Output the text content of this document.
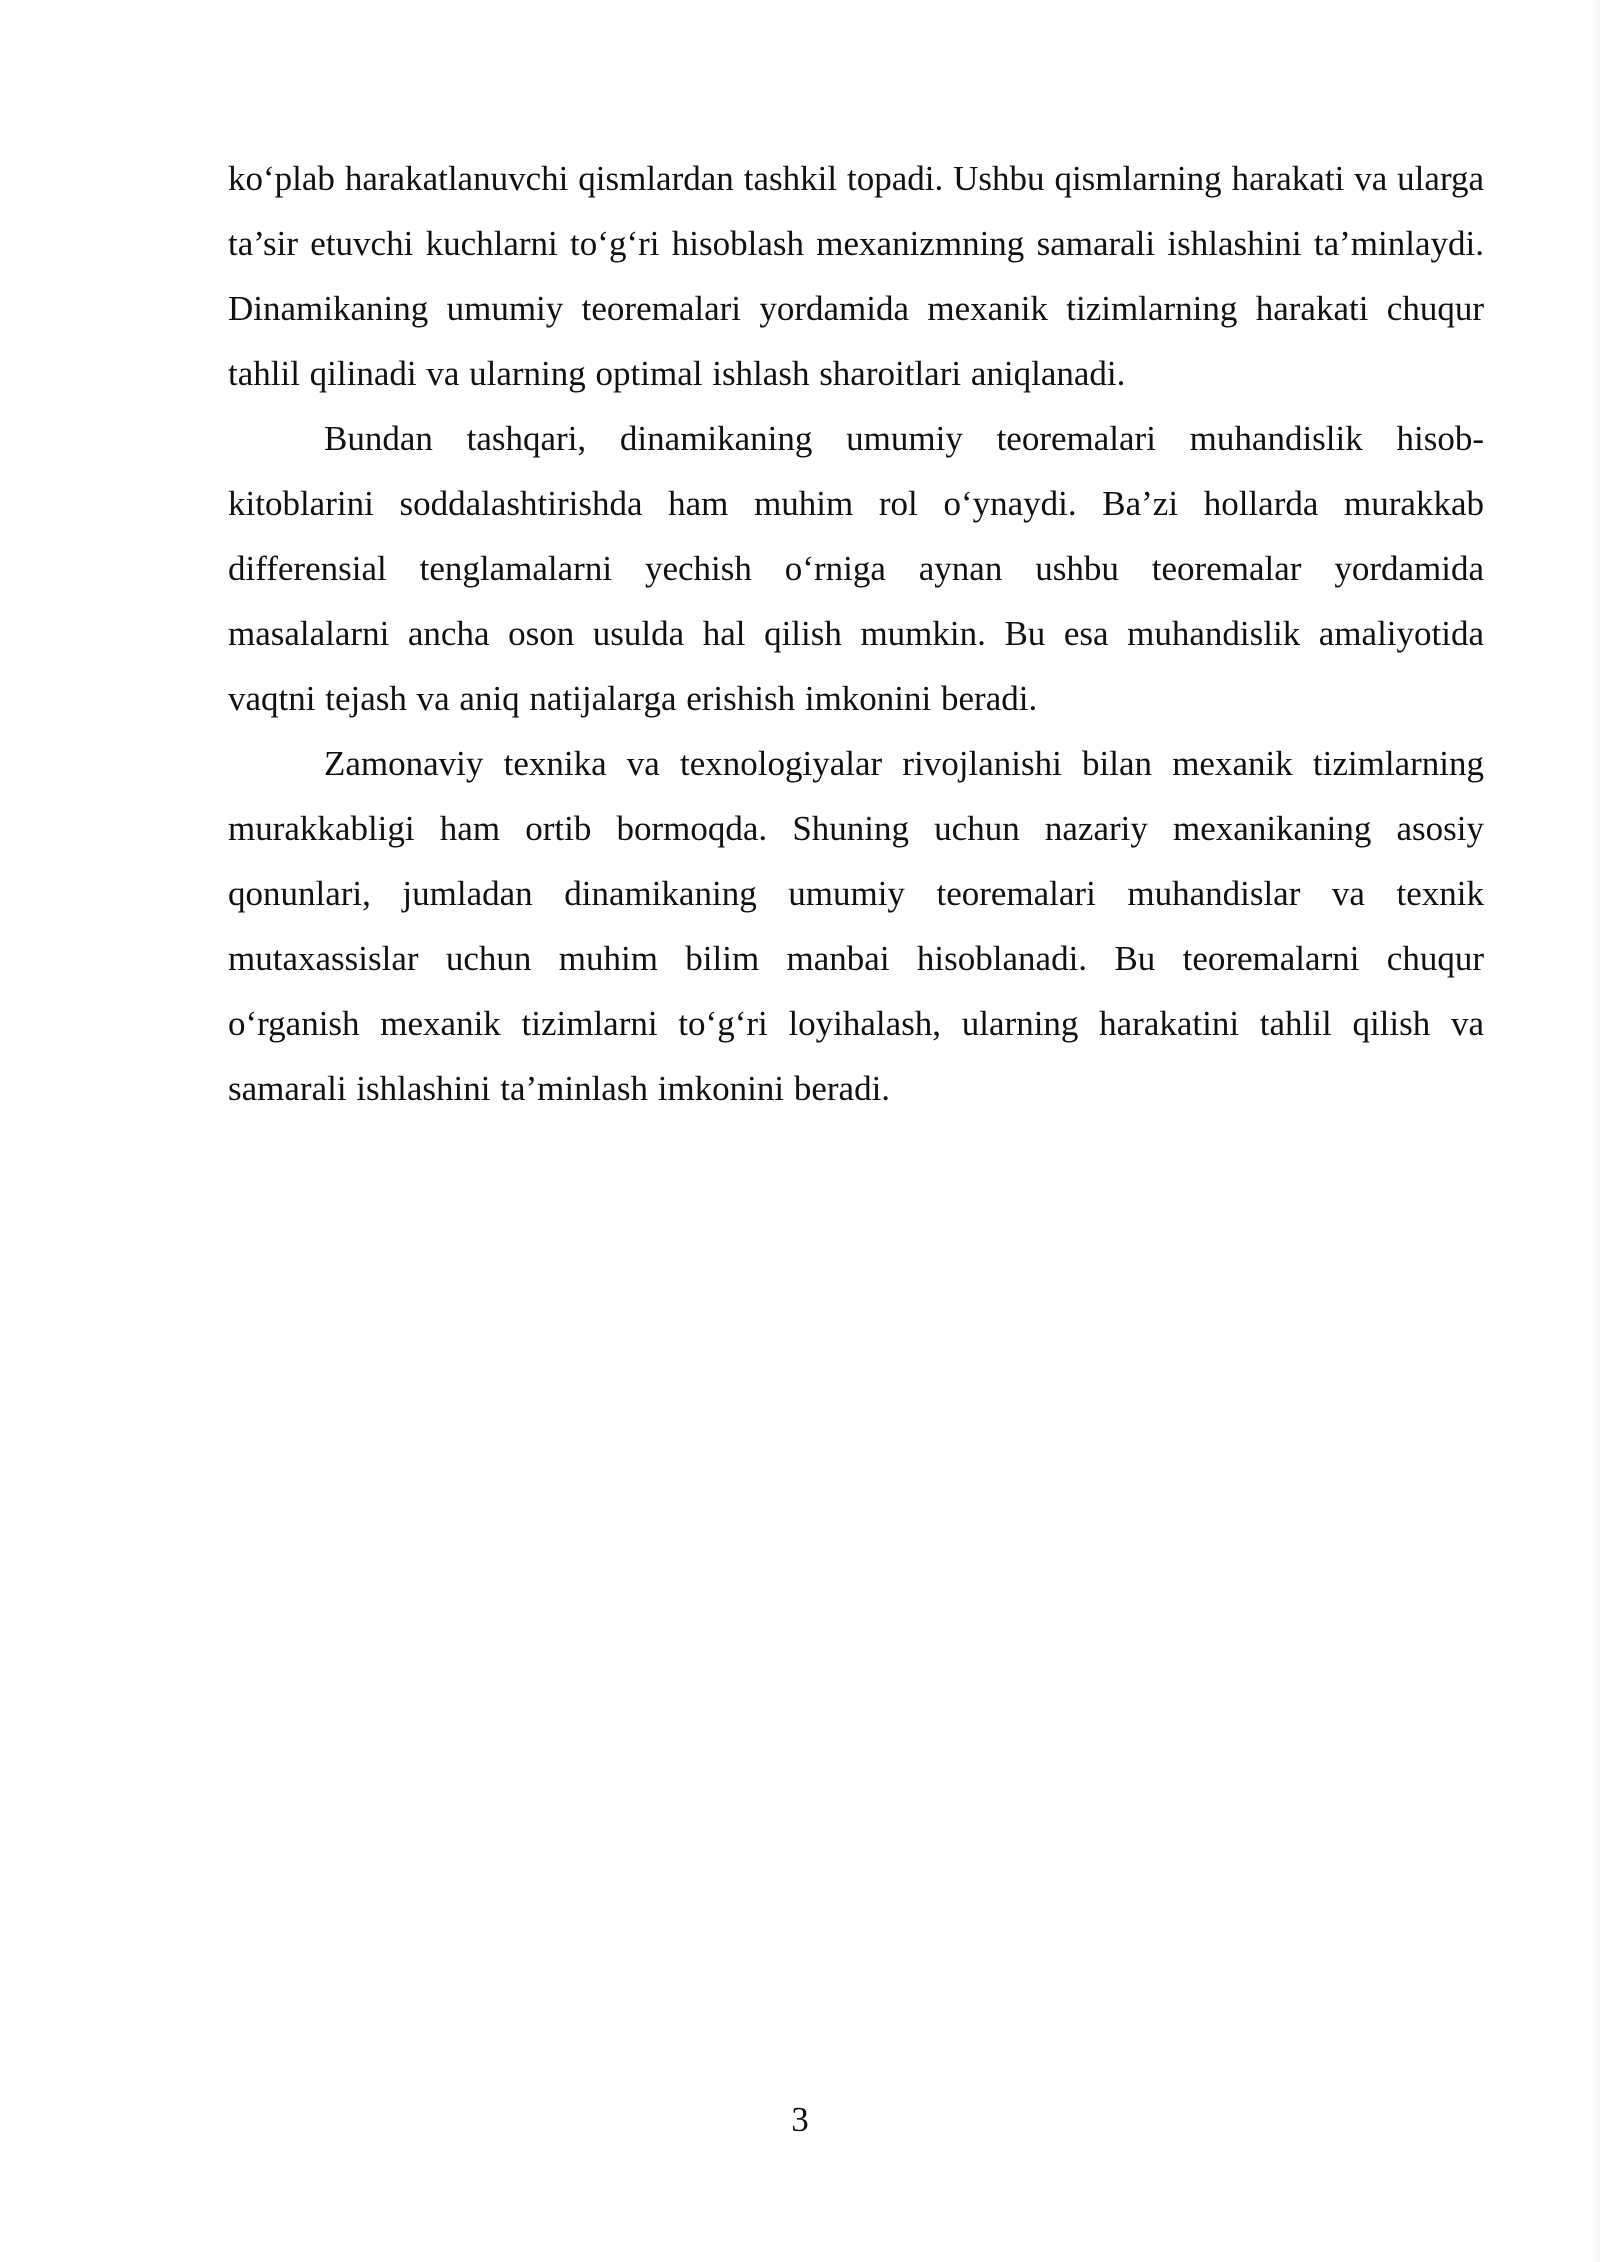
ko‘plab harakatlanuvchi qismlardan tashkil topadi. Ushbu qismlarning harakati va ularga ta’sir etuvchi kuchlarni to‘g‘ri hisoblash mexanizmning samarali ishlashini ta’minlaydi. Dinamikaning umumiy teoremalari yordamida mexanik tizimlarning harakati chuqur tahlil qilinadi va ularning optimal ishlash sharoitlari aniqlanadi.

Bundan tashqari, dinamikaning umumiy teoremalari muhandislik hisob-kitoblarini soddalashtirishda ham muhim rol o‘ynaydi. Ba’zi hollarda murakkab differensial tenglamalarni yechish o‘rniga aynan ushbu teoremalar yordamida masalalarni ancha oson usulda hal qilish mumkin. Bu esa muhandislik amaliyotida vaqtni tejash va aniq natijalarga erishish imkonini beradi.

Zamonaviy texnika va texnologiyalar rivojlanishi bilan mexanik tizimlarning murakkabligi ham ortib bormoqda. Shuning uchun nazariy mexanikaning asosiy qonunlari, jumladan dinamikaning umumiy teoremalari muhandislar va texnik mutaxassislar uchun muhim bilim manbai hisoblanadi. Bu teoremalarni chuqur o‘rganish mexanik tizimlarni to‘g‘ri loyihalash, ularning harakatini tahlil qilish va samarali ishlashini ta’minlash imkonini beradi.

3
